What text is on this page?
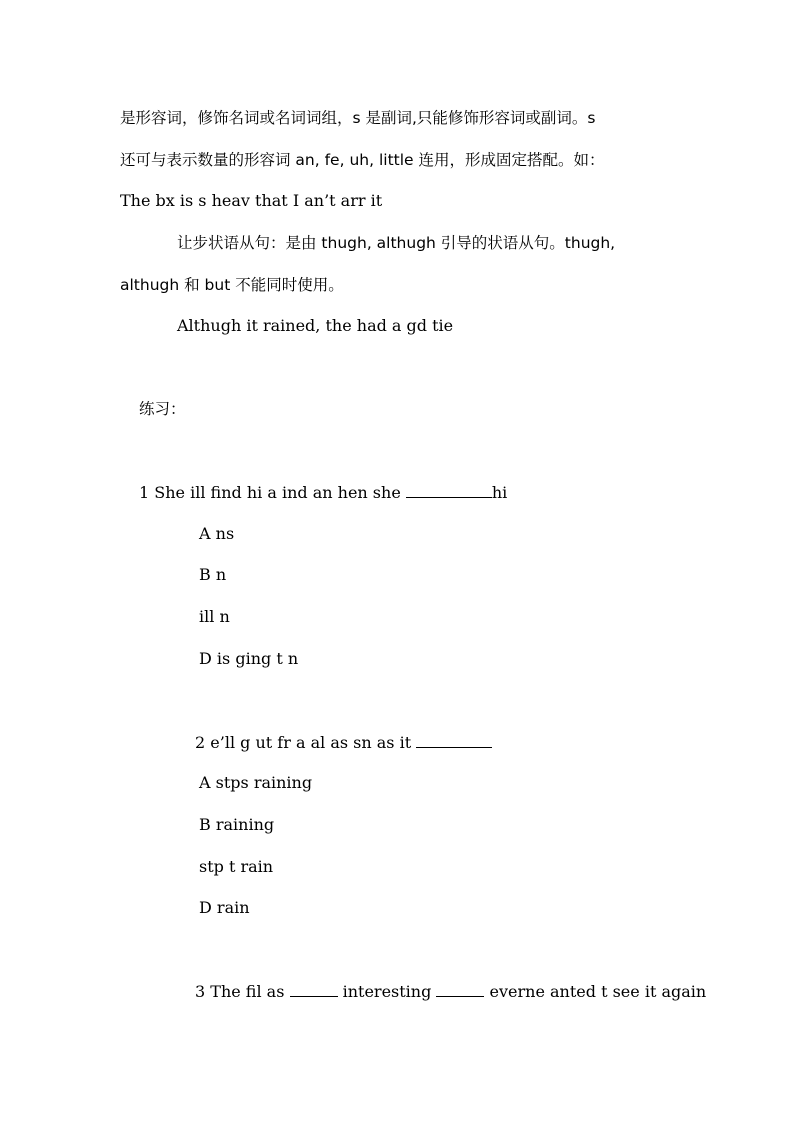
是形容词，修饰名词或名词词组，s 是副词,只能修饰形容词或副词。s
还可与表示数量的形容词 an, fe, uh, little 连用，形成固定搭配。如：
The bx is s heav that I an’t arr it
让步状语从句：是由 thugh, althugh 引导的状语从句。thugh,
althugh 和 but 不能同时使用。
Althugh it rained, the had a gd tie
练习：
1 She ill find hi a ind an hen she	hi
A ns
B n
ill n
D is ging t n
2 e’ll g ut fr a al as sn as it
A stps raining
B raining
stp t rain
D rain
3 The fil as	interesting	everne anted t see it again
